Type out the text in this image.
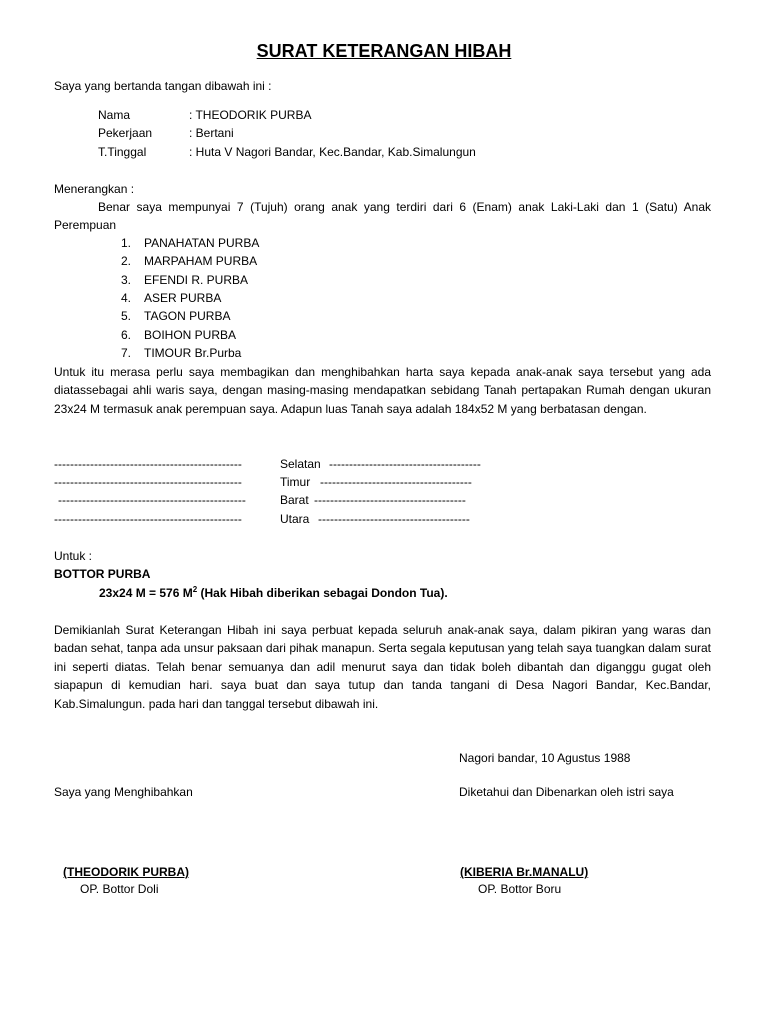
SURAT KETERANGAN HIBAH
Saya yang bertanda tangan dibawah ini :
Nama	: THEODORIK PURBA
Pekerjaan	: Bertani
T.Tinggal	: Huta V Nagori Bandar, Kec.Bandar, Kab.Simalungun
Menerangkan :
Benar saya mempunyai 7 (Tujuh) orang anak yang terdiri dari 6 (Enam) anak Laki-Laki dan 1 (Satu) Anak Perempuan
1. PANAHATAN PURBA
2. MARPAHAM PURBA
3. EFENDI R. PURBA
4. ASER PURBA
5. TAGON PURBA
6. BOIHON PURBA
7. TIMOUR Br.Purba
Untuk itu merasa perlu saya membagikan dan menghibahkan harta saya kepada anak-anak saya tersebut yang ada diatassebagai ahli waris saya, dengan masing-masing mendapatkan sebidang Tanah pertapakan Rumah dengan ukuran 23x24 M termasuk anak perempuan saya. Adapun luas Tanah saya adalah 184x52 M yang berbatasan dengan.
-----------------------------------------------	Selatan --------------------------------------
-----------------------------------------------	Timur --------------------------------------
-----------------------------------------------	Barat --------------------------------------
-----------------------------------------------	Utara --------------------------------------
Untuk :
BOTTOR PURBA
23x24 M = 576 $M^2$ (Hak Hibah diberikan sebagai Dondon Tua).
Demikianlah Surat Keterangan Hibah ini saya perbuat kepada seluruh anak-anak saya, dalam pikiran yang waras dan badan sehat, tanpa ada unsur paksaan dari pihak manapun. Serta segala keputusan yang telah saya tuangkan dalam surat ini seperti diatas. Telah benar semuanya dan adil menurut saya dan tidak boleh dibantah dan diganggu gugat oleh siapapun di kemudian hari. saya buat dan saya tutup dan tanda tangani di Desa Nagori Bandar, Kec.Bandar, Kab.Simalungun. pada hari dan tanggal tersebut dibawah ini.
Nagori bandar, 10 Agustus 1988
Saya yang Menghibahkan	Diketahui dan Dibenarkan oleh istri saya
(THEODORIK PURBA)
OP. Bottor Doli
(KIBERIA Br.MANALU)
OP. Bottor Boru
